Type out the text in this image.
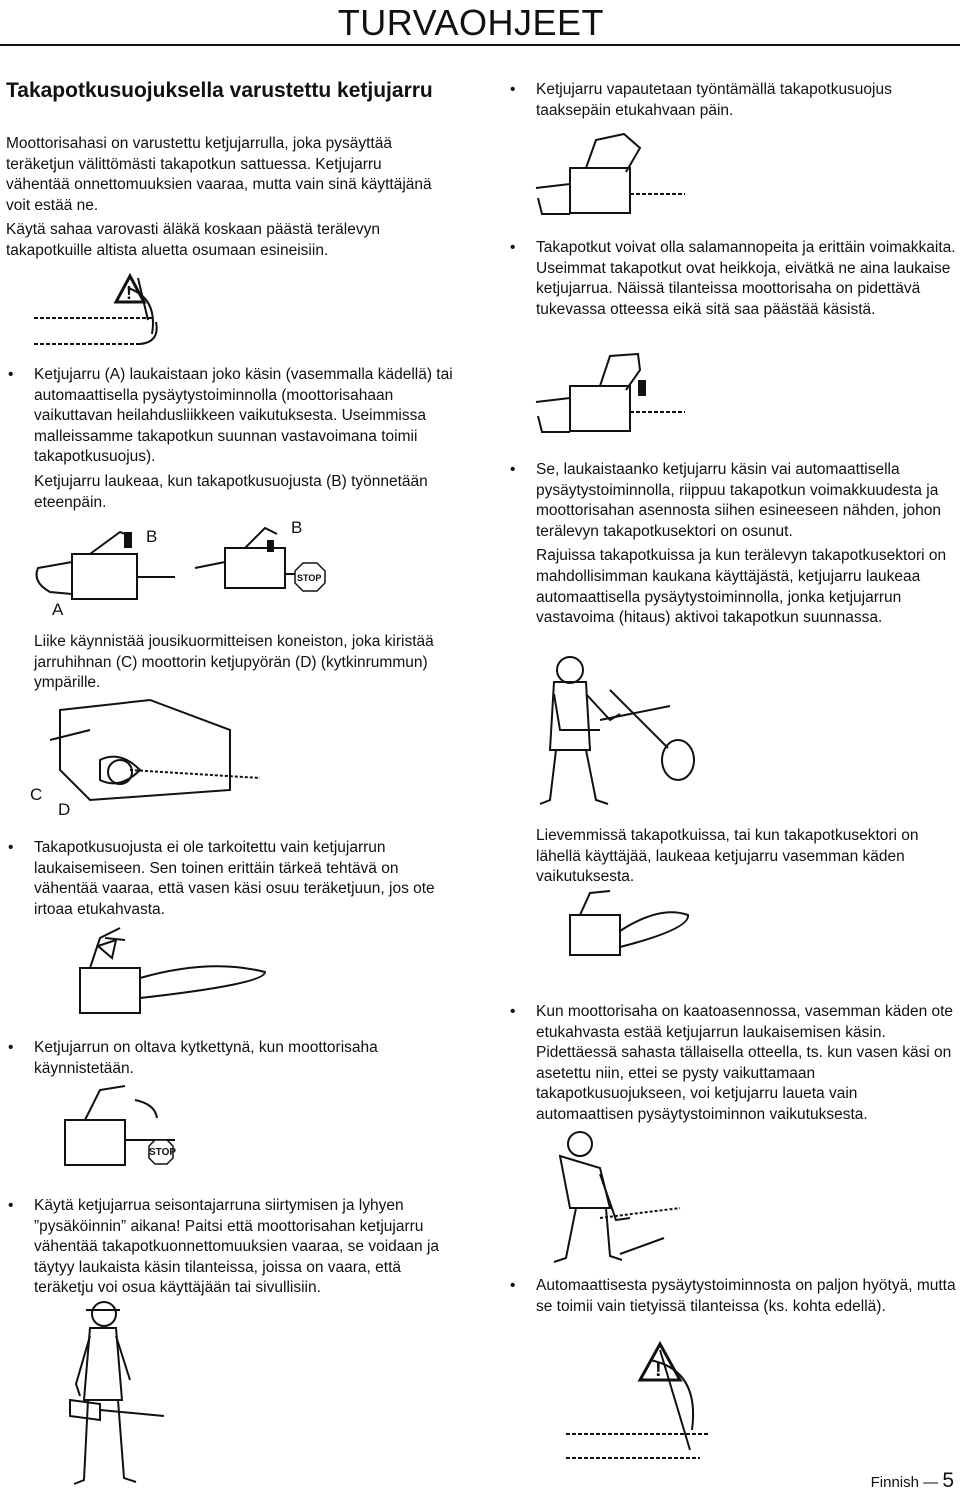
TURVAOHJEET
Takapotkusuojuksella varustettu ketjujarru

Moottorisahasi on varustettu ketjujarrulla, joka pysäyttää teräketjun välittömästi takapotkun sattuessa. Ketjujarru vähentää onnettomuuksien vaaraa, mutta vain sinä käyttäjänä voit estää ne.

Käytä sahaa varovasti äläkä koskaan päästä terälevyn takapotkuille altista aluetta osumaan esineisiin.

!

• Ketjujarru (A) laukaistaan joko käsin (vasemmalla kädellä) tai automaattisella pysäytystoiminnolla (moottorisahaan vaikuttavan heilahdusliikkeen vaikutuksesta. Useimmissa malleissamme takapotkun suunnan vastavoimana toimii takapotkusuojus).

Ketjujarru laukeaa, kun takapotkusuojusta (B) työnnetään eteenpäin.

A
B
STOP
B

Liike käynnistää jousikuormitteisen koneiston, joka kiristää jarruhihnan (C) moottorin ketjupyörän (D) (kytkinrummun) ympärille.

C
D

• Takapotkusuojusta ei ole tarkoitettu vain ketjujarrun laukaisemiseen. Sen toinen erittäin tärkeä tehtävä on vähentää vaaraa, että vasen käsi osuu teräketjuun, jos ote irtoaa etukahvasta.

• Ketjujarrun on oltava kytkettynä, kun moottorisaha käynnistetään.

STOP

• Käytä ketjujarrua seisontajarruna siirtymisen ja lyhyen ”pysäköinnin” aikana! Paitsi että moottorisahan ketjujarru vähentää takapotkuonnettomuuksien vaaraa, se voidaan ja täytyy laukaista käsin tilanteissa, joissa on vaara, että teräketju voi osua käyttäjään tai sivullisiin.

• Ketjujarru vapautetaan työntämällä takapotkusuojus taaksepäin etukahvaan päin.

• Takapotkut voivat olla salamannopeita ja erittäin voimakkaita. Useimmat takapotkut ovat heikkoja, eivätkä ne aina laukaise ketjujarrua. Näissä tilanteissa moottorisaha on pidettävä tukevassa otteessa eikä sitä saa päästää käsistä.

• Se, laukaistaanko ketjujarru käsin vai automaattisella pysäytystoiminnolla, riippuu takapotkun voimakkuudesta ja moottorisahan asennosta siihen esineeseen nähden, johon terälevyn takapotkusektori on osunut.

Rajuissa takapotkuissa ja kun terälevyn takapotkusektori on mahdollisimman kaukana käyttäjästä, ketjujarru laukeaa automaattisella pysäytystoiminnolla, jonka ketjujarrun vastavoima (hitaus) aktivoi takapotkun suunnassa.

Lievemmissä takapotkuissa, tai kun takapotkusektori on lähellä käyttäjää, laukeaa ketjujarru vasemman käden vaikutuksesta.

• Kun moottorisaha on kaatoasennossa, vasemman käden ote etukahvasta estää ketjujarrun laukaisemisen käsin. Pidettäessä sahasta tällaisella otteella, ts. kun vasen käsi on asetettu niin, ettei se pysty vaikuttamaan takapotkusuojukseen, voi ketjujarru laueta vain automaattisen pysäytystoiminnon vaikutuksesta.

• Automaattisesta pysäytystoiminnosta on paljon hyötyä, mutta se toimii vain tietyissä tilanteissa (ks. kohta edellä).

!
Finnish — 5
